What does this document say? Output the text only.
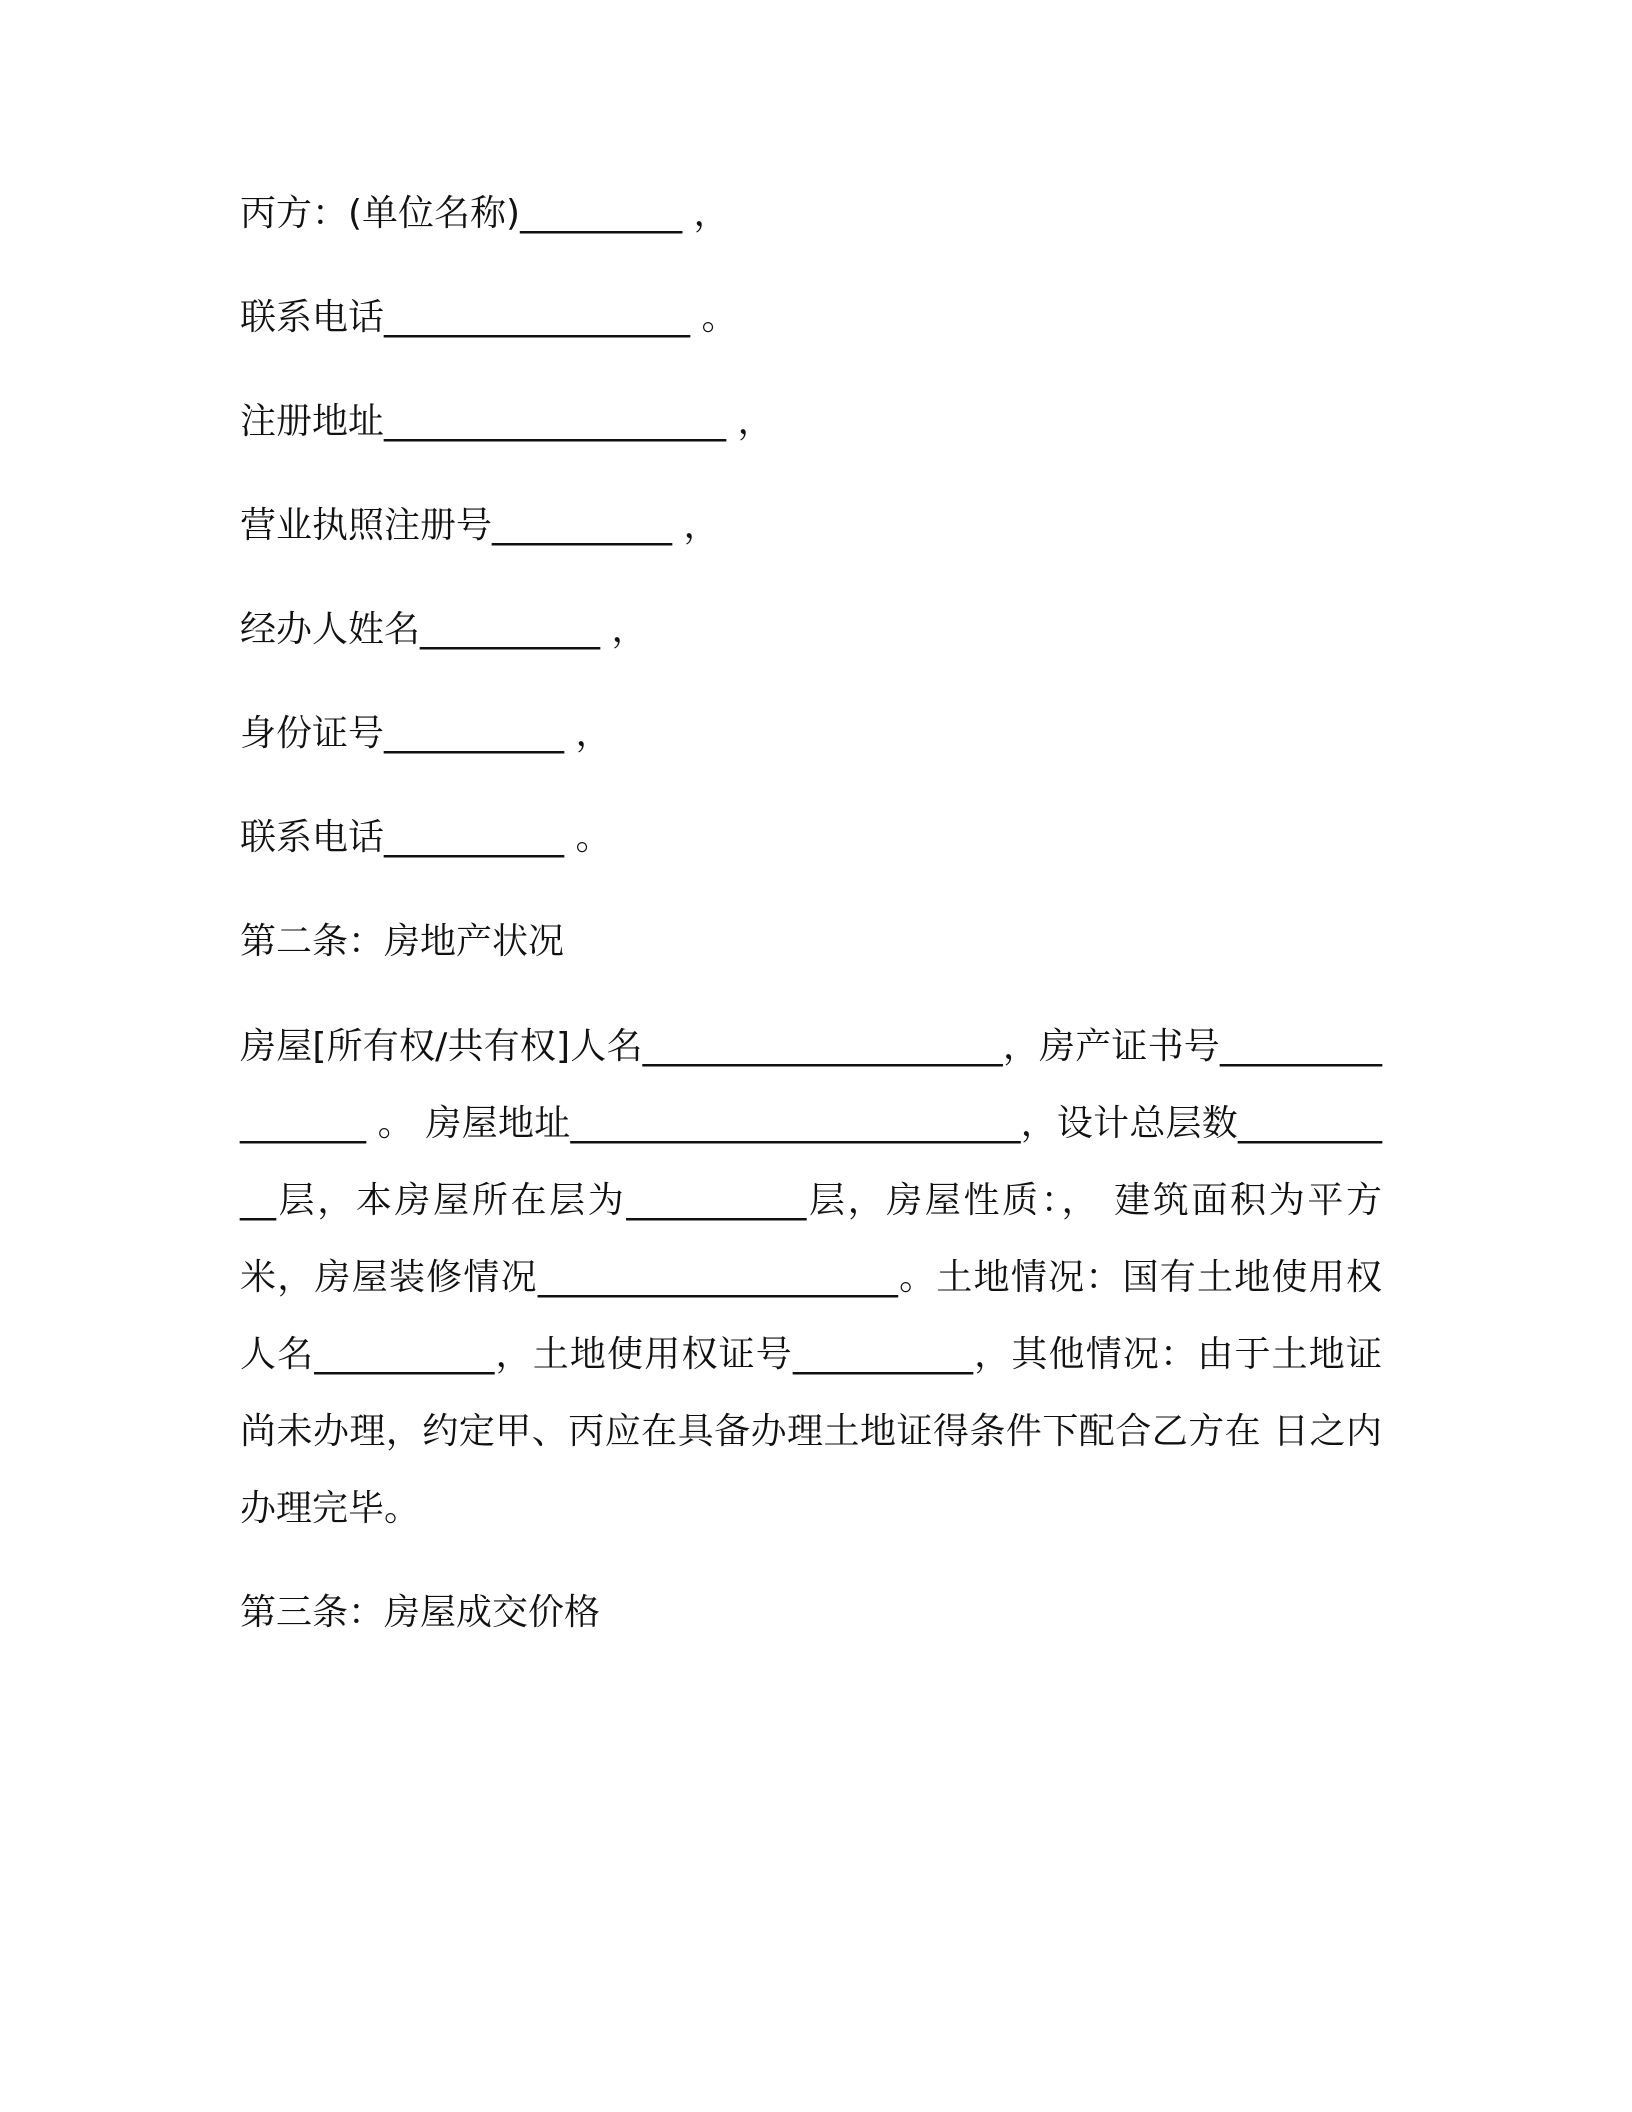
丙方：(单位名称)_________ ，
联系电话_________________ 。
注册地址___________________ ，
营业执照注册号__________ ，
经办人姓名__________ ，
身份证号__________ ，
联系电话__________ 。
第二条：房地产状况
房屋[所有权/共有权]人名____________________，房产证书号________________ 。 房屋地址_________________________，设计总层数__________层，本房屋所在层为__________层，房屋性质：， 建筑面积为平方米，房屋装修情况____________________。土地情况：国有土地使用权人名__________，土地使用权证号__________，其他情况：由于土地证尚未办理，约定甲、丙应在具备办理土地证得条件下配合乙方在 日之内办理完毕。
第三条：房屋成交价格
